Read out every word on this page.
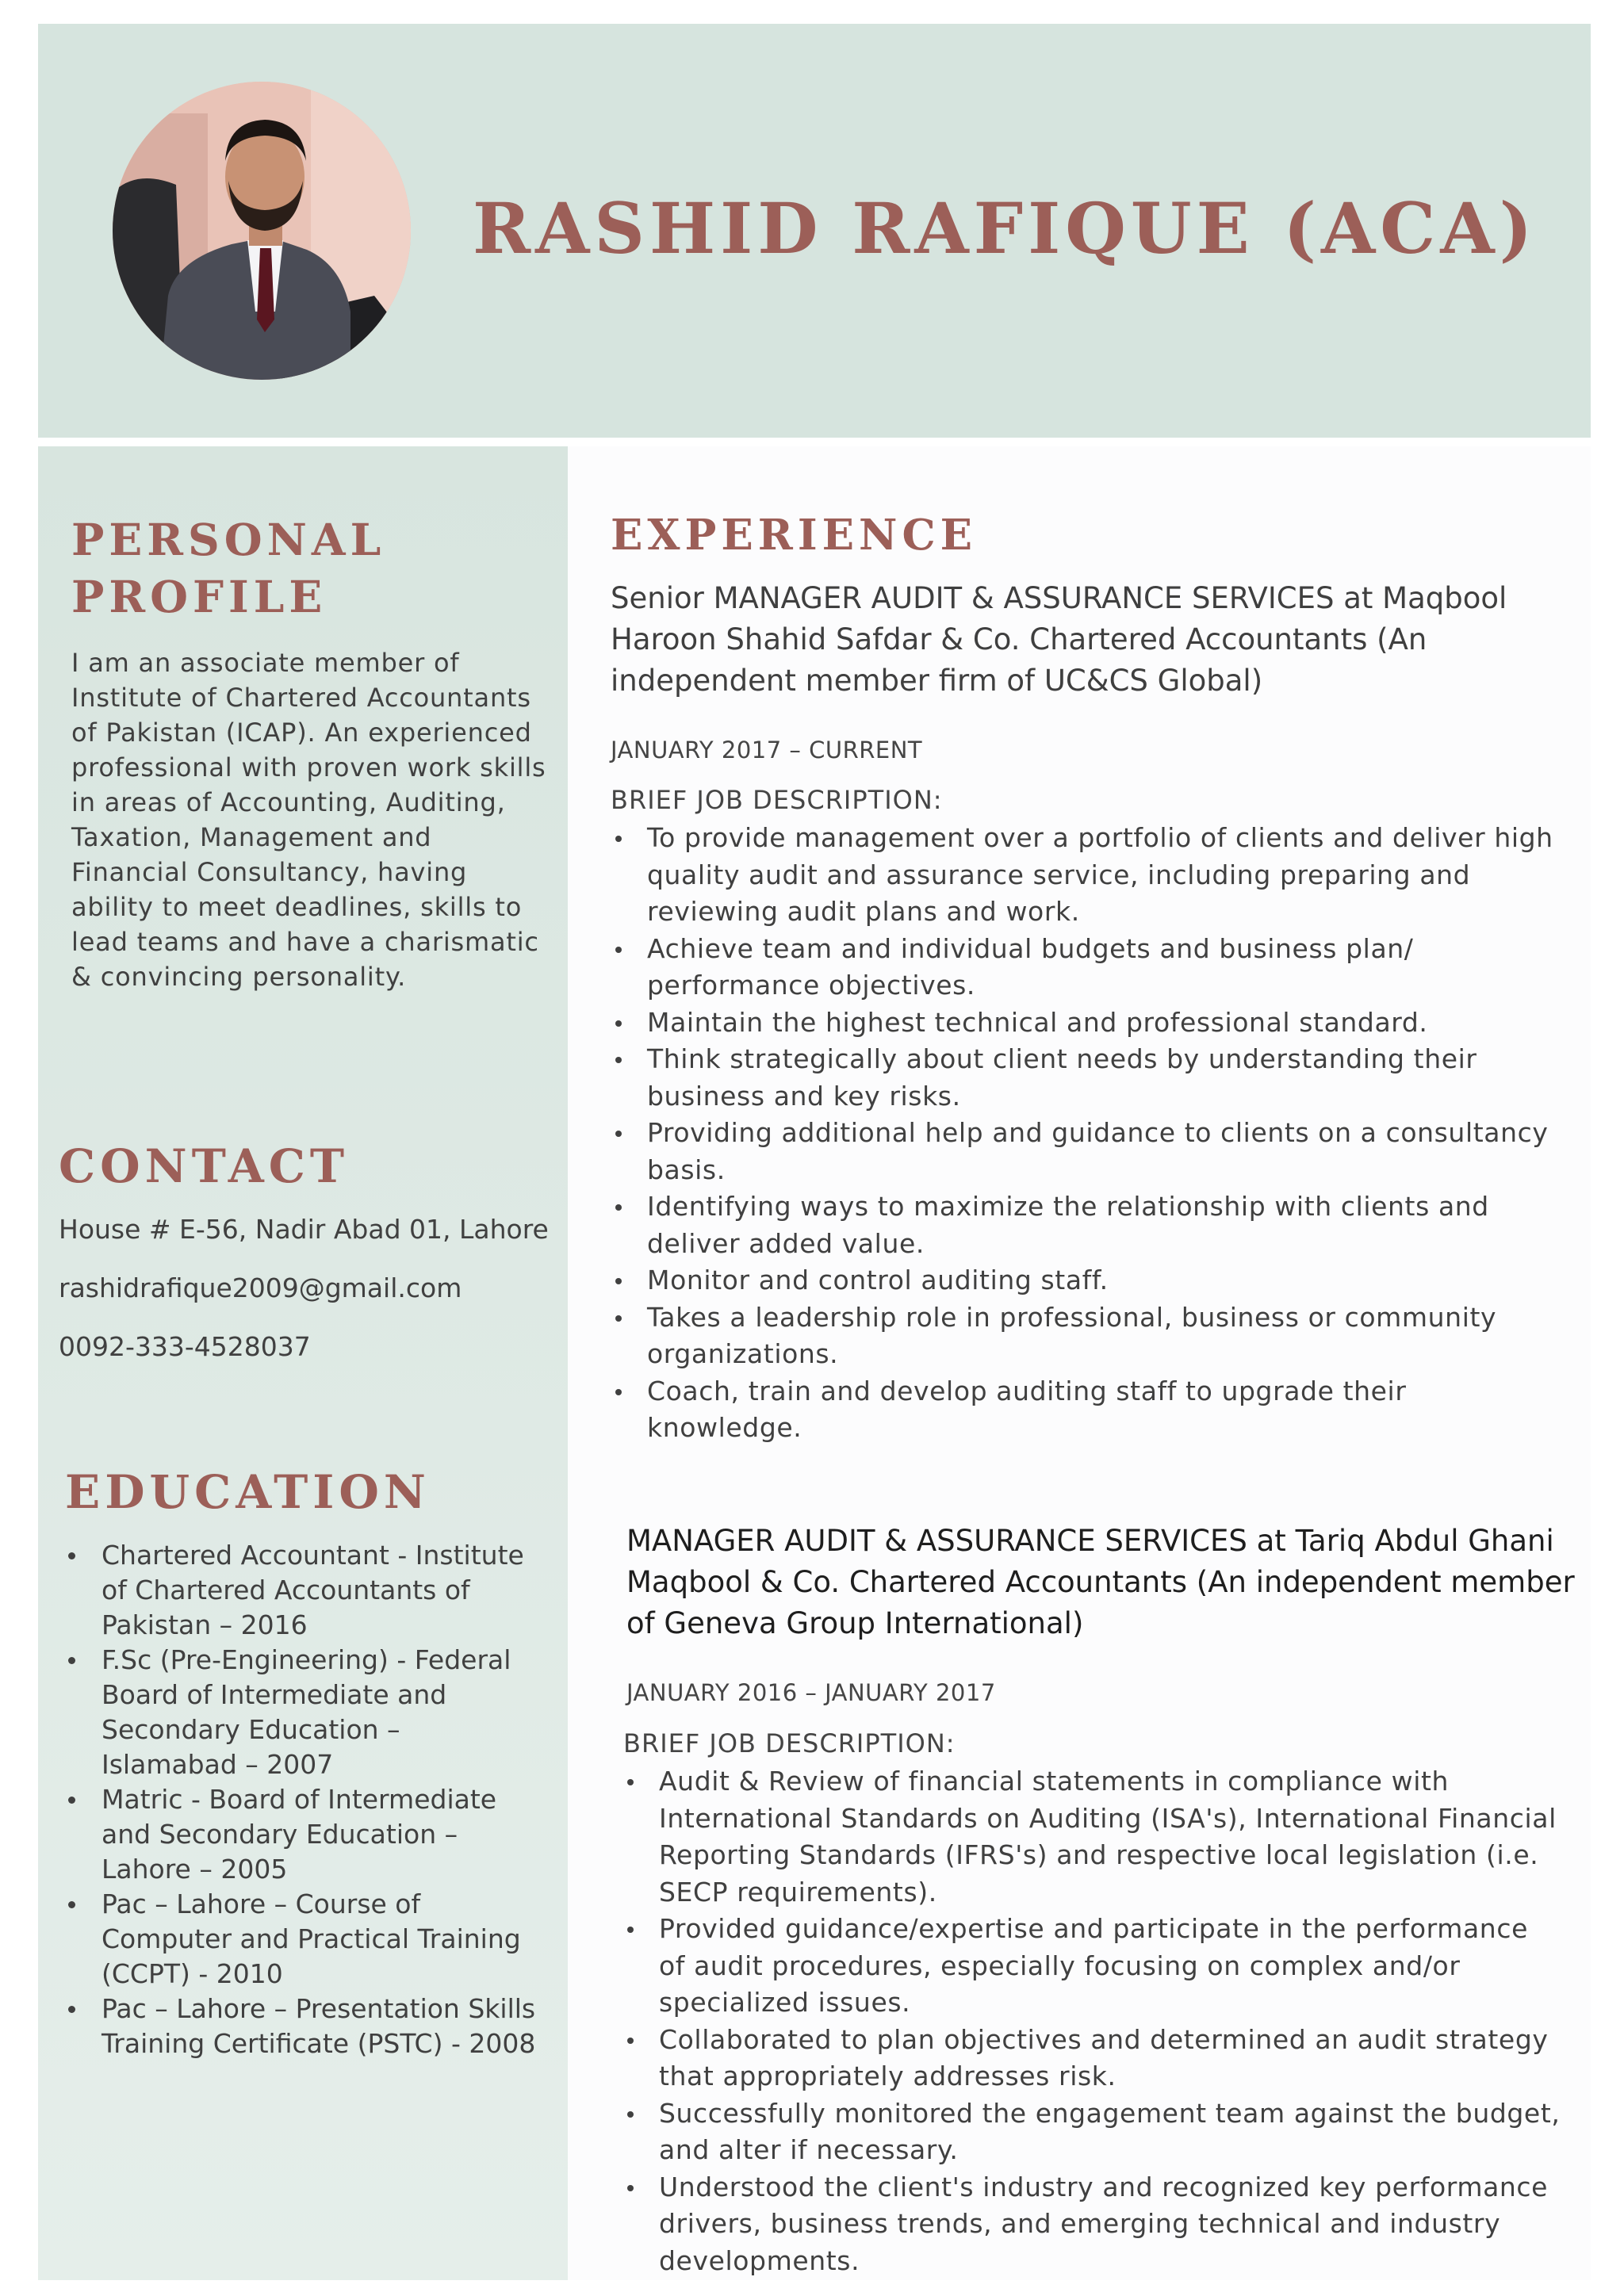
RASHID RAFIQUE (ACA)
PERSONAL
PROFILE

I am an associate member of Institute of Chartered Accountants of Pakistan (ICAP). An experienced professional with proven work skills in areas of Accounting, Auditing, Taxation, Management and Financial Consultancy, having ability to meet deadlines, skills to lead teams and have a charismatic & convincing personality.

CONTACT
House # E-56, Nadir Abad 01, Lahore
rashidrafique2009@gmail.com
0092-333-4528037
EDUCATION
Chartered Accountant - Institute of Chartered Accountants of Pakistan – 2016
F.Sc (Pre-Engineering) - Federal Board of Intermediate and Secondary Education – Islamabad – 2007
Matric - Board of Intermediate and Secondary Education – Lahore – 2005
Pac – Lahore – Course of Computer and Practical Training (CCPT) - 2010
Pac – Lahore – Presentation Skills Training Certificate (PSTC) - 2008
EXPERIENCE
Senior MANAGER AUDIT & ASSURANCE SERVICES at Maqbool Haroon Shahid Safdar & Co. Chartered Accountants (An independent member firm of UC&CS Global)
JANUARY 2017 – CURRENT
BRIEF JOB DESCRIPTION:
To provide management over a portfolio of clients and deliver high quality audit and assurance service, including preparing and reviewing audit plans and work.
Achieve team and individual budgets and business plan/ performance objectives.
Maintain the highest technical and professional standard.
Think strategically about client needs by understanding their business and key risks.
Providing additional help and guidance to clients on a consultancy basis.
Identifying ways to maximize the relationship with clients and deliver added value.
Monitor and control auditing staff.
Takes a leadership role in professional, business or community organizations.
Coach, train and develop auditing staff to upgrade their knowledge.
MANAGER AUDIT & ASSURANCE SERVICES at Tariq Abdul Ghani Maqbool & Co. Chartered Accountants (An independent member of Geneva Group International)
JANUARY 2016 – JANUARY 2017
BRIEF JOB DESCRIPTION:
Audit & Review of financial statements in compliance with International Standards on Auditing (ISA's), International Financial Reporting Standards (IFRS's) and respective local legislation (i.e. SECP requirements).
Provided guidance/expertise and participate in the performance of audit procedures, especially focusing on complex and/or specialized issues.
Collaborated to plan objectives and determined an audit strategy that appropriately addresses risk.
Successfully monitored the engagement team against the budget, and alter if necessary.
Understood the client's industry and recognized key performance drivers, business trends, and emerging technical and industry developments.
